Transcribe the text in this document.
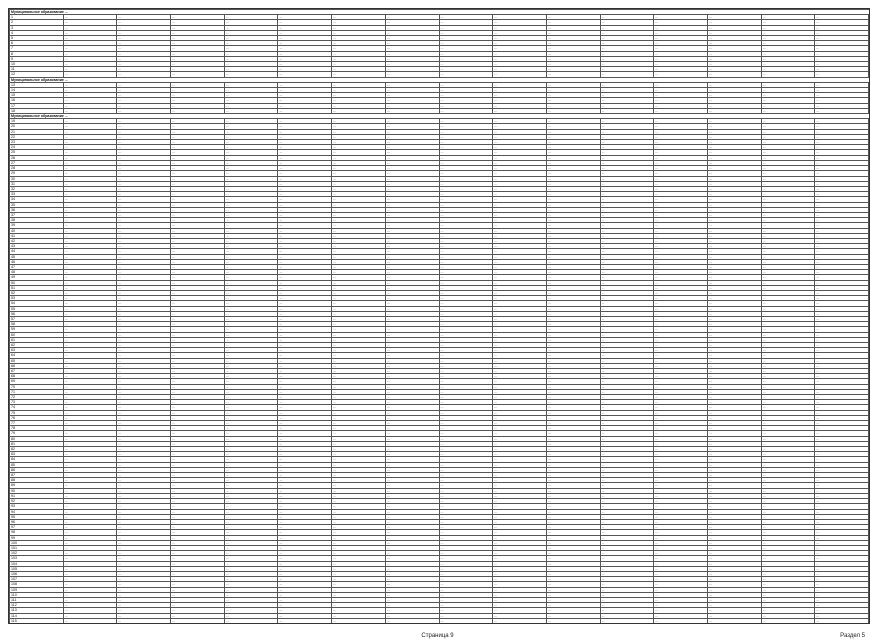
Муниципальное образование ...															
1	...	...	...	...	...	...	...	...	...	...	...	...	...	...	...
2	...	...	...	...	...	...	...	...	...	...	...	...	...	...	...
3	...	...	...	...	...	...	...	...	...	...	...	...	...	...	...
4	...	...	...	...	...	...	...	...	...	...	...	...	...	...	...
5	...	...	...	...	...	...	...	...	...	...	...	...	...	...	...
6	...	...	...	...	...	...	...	...	...	...	...	...	...	...	...
7	...	...	...	...	...	...	...	...	...	...	...	...	...	...	...
8	...	...	...	...	...	...	...	...	...	...	...	...	...	...	...
9	...	...	...	...	...	...	...	...	...	...	...	...	...	...	...
10	...	...	...	...	...	...	...	...	...	...	...	...	...	...	...
11	...	...	...	...	...	...	...	...	...	...	...	...	...	...	...
12	...	...	...	...	...	...	...	...	...	...	...	...	...	...	...
Муниципальное образование ...															
13	...	...	...	...	...	...	...	...	...	...	...	...	...	...	...
14	...	...	...	...	...	...	...	...	...	...	...	...	...	...	...
15	...	...	...	...	...	...	...	...	...	...	...	...	...	...	...
16	...	...	...	...	...	...	...	...	...	...	...	...	...	...	...
17	...	...	...	...	...	...	...	...	...	...	...	...	...	...	...
18	...	...	...	...	...	...	...	...	...	...	...	...	...	...	...
Муниципальное образование ...															
19	...	...	...	...	...	...	...	...	...	...	...	...	...	...	...
20	...	...	...	...	...	...	...	...	...	...	...	...	...	...	...
21	...	...	...	...	...	...	...	...	...	...	...	...	...	...	...
22	...	...	...	...	...	...	...	...	...	...	...	...	...	...	...
23	...	...	...	...	...	...	...	...	...	...	...	...	...	...	...
24	...	...	...	...	...	...	...	...	...	...	...	...	...	...	...
25	...	...	...	...	...	...	...	...	...	...	...	...	...	...	...
26	...	...	...	...	...	...	...	...	...	...	...	...	...	...	...
27	...	...	...	...	...	...	...	...	...	...	...	...	...	...	...
28	...	...	...	...	...	...	...	...	...	...	...	...	...	...	...
29	...	...	...	...	...	...	...	...	...	...	...	...	...	...	...
30	...	...	...	...	...	...	...	...	...	...	...	...	...	...	...
31	...	...	...	...	...	...	...	...	...	...	...	...	...	...	...
32	...	...	...	...	...	...	...	...	...	...	...	...	...	...	...
33	...	...	...	...	...	...	...	...	...	...	...	...	...	...	...
34	...	...	...	...	...	...	...	...	...	...	...	...	...	...	...
35	...	...	...	...	...	...	...	...	...	...	...	...	...	...	...
36	...	...	...	...	...	...	...	...	...	...	...	...	...	...	...
37	...	...	...	...	...	...	...	...	...	...	...	...	...	...	...
38	...	...	...	...	...	...	...	...	...	...	...	...	...	...	...
39	...	...	...	...	...	...	...	...	...	...	...	...	...	...	...
40	...	...	...	...	...	...	...	...	...	...	...	...	...	...	...
41	...	...	...	...	...	...	...	...	...	...	...	...	...	...	...
42	...	...	...	...	...	...	...	...	...	...	...	...	...	...	...
43	...	...	...	...	...	...	...	...	...	...	...	...	...	...	...
44	...	...	...	...	...	...	...	...	...	...	...	...	...	...	...
45	...	...	...	...	...	...	...	...	...	...	...	...	...	...	...
46	...	...	...	...	...	...	...	...	...	...	...	...	...	...	...
47	...	...	...	...	...	...	...	...	...	...	...	...	...	...	...
48	...	...	...	...	...	...	...	...	...	...	...	...	...	...	...
49	...	...	...	...	...	...	...	...	...	...	...	...	...	...	...
50	...	...	...	...	...	...	...	...	...	...	...	...	...	...	...
51	...	...	...	...	...	...	...	...	...	...	...	...	...	...	...
52	...	...	...	...	...	...	...	...	...	...	...	...	...	...	...
53	...	...	...	...	...	...	...	...	...	...	...	...	...	...	...
54	...	...	...	...	...	...	...	...	...	...	...	...	...	...	...
55	...	...	...	...	...	...	...	...	...	...	...	...	...	...	...
56	...	...	...	...	...	...	...	...	...	...	...	...	...	...	...
57	...	...	...	...	...	...	...	...	...	...	...	...	...	...	...
58	...	...	...	...	...	...	...	...	...	...	...	...	...	...	...
59	...	...	...	...	...	...	...	...	...	...	...	...	...	...	...
60	...	...	...	...	...	...	...	...	...	...	...	...	...	...	...
61	...	...	...	...	...	...	...	...	...	...	...	...	...	...	...
62	...	...	...	...	...	...	...	...	...	...	...	...	...	...	...
63	...	...	...	...	...	...	...	...	...	...	...	...	...	...	...
64	...	...	...	...	...	...	...	...	...	...	...	...	...	...	...
65	...	...	...	...	...	...	...	...	...	...	...	...	...	...	...
66	...	...	...	...	...	...	...	...	...	...	...	...	...	...	...
67	...	...	...	...	...	...	...	...	...	...	...	...	...	...	...
68	...	...	...	...	...	...	...	...	...	...	...	...	...	...	...
69	...	...	...	...	...	...	...	...	...	...	...	...	...	...	...
70	...	...	...	...	...	...	...	...	...	...	...	...	...	...	...
71	...	...	...	...	...	...	...	...	...	...	...	...	...	...	...
72	...	...	...	...	...	...	...	...	...	...	...	...	...	...	...
73	...	...	...	...	...	...	...	...	...	...	...	...	...	...	...
74	...	...	...	...	...	...	...	...	...	...	...	...	...	...	...
75	...	...	...	...	...	...	...	...	...	...	...	...	...	...	...
76	...	...	...	...	...	...	...	...	...	...	...	...	...	...	...
77	...	...	...	...	...	...	...	...	...	...	...	...	...	...	...
78	...	...	...	...	...	...	...	...	...	...	...	...	...	...	...
79	...	...	...	...	...	...	...	...	...	...	...	...	...	...	...
80	...	...	...	...	...	...	...	...	...	...	...	...	...	...	...
81	...	...	...	...	...	...	...	...	...	...	...	...	...	...	...
82	...	...	...	...	...	...	...	...	...	...	...	...	...	...	...
83	...	...	...	...	...	...	...	...	...	...	...	...	...	...	...
84	...	...	...	...	...	...	...	...	...	...	...	...	...	...	...
85	...	...	...	...	...	...	...	...	...	...	...	...	...	...	...
86	...	...	...	...	...	...	...	...	...	...	...	...	...	...	...
87	...	...	...	...	...	...	...	...	...	...	...	...	...	...	...
88	...	...	...	...	...	...	...	...	...	...	...	...	...	...	...
89	...	...	...	...	...	...	...	...	...	...	...	...	...	...	...
90	...	...	...	...	...	...	...	...	...	...	...	...	...	...	...
91	...	...	...	...	...	...	...	...	...	...	...	...	...	...	...
92	...	...	...	...	...	...	...	...	...	...	...	...	...	...	...
93	...	...	...	...	...	...	...	...	...	...	...	...	...	...	...
94	...	...	...	...	...	...	...	...	...	...	...	...	...	...	...
95	...	...	...	...	...	...	...	...	...	...	...	...	...	...	...
96	...	...	...	...	...	...	...	...	...	...	...	...	...	...	...
97	...	...	...	...	...	...	...	...	...	...	...	...	...	...	...
98	...	...	...	...	...	...	...	...	...	...	...	...	...	...	...
99	...	...	...	...	...	...	...	...	...	...	...	...	...	...	...
100	...	...	...	...	...	...	...	...	...	...	...	...	...	...	...
101	...	...	...	...	...	...	...	...	...	...	...	...	...	...	...
102	...	...	...	...	...	...	...	...	...	...	...	...	...	...	...
103	...	...	...	...	...	...	...	...	...	...	...	...	...	...	...
104	...	...	...	...	...	...	...	...	...	...	...	...	...	...	...
105	...	...	...	...	...	...	...	...	...	...	...	...	...	...	...
106	...	...	...	...	...	...	...	...	...	...	...	...	...	...	...
107	...	...	...	...	...	...	...	...	...	...	...	...	...	...	...
108	...	...	...	...	...	...	...	...	...	...	...	...	...	...	...
109	...	...	...	...	...	...	...	...	...	...	...	...	...	...	...
110	...	...	...	...	...	...	...	...	...	...	...	...	...	...	...
111	...	...	...	...	...	...	...	...	...	...	...	...	...	...	...
112	...	...	...	...	...	...	...	...	...	...	...	...	...	...	...
113	...	...	...	...	...	...	...	...	...	...	...	...	...	...	...
114	...	...	...	...	...	...	...	...	...	...	...	...	...	...	...
115	...	...	...	...	...	...	...	...	...	...	...	...	...	...	...

Страница 9	Раздел 5
